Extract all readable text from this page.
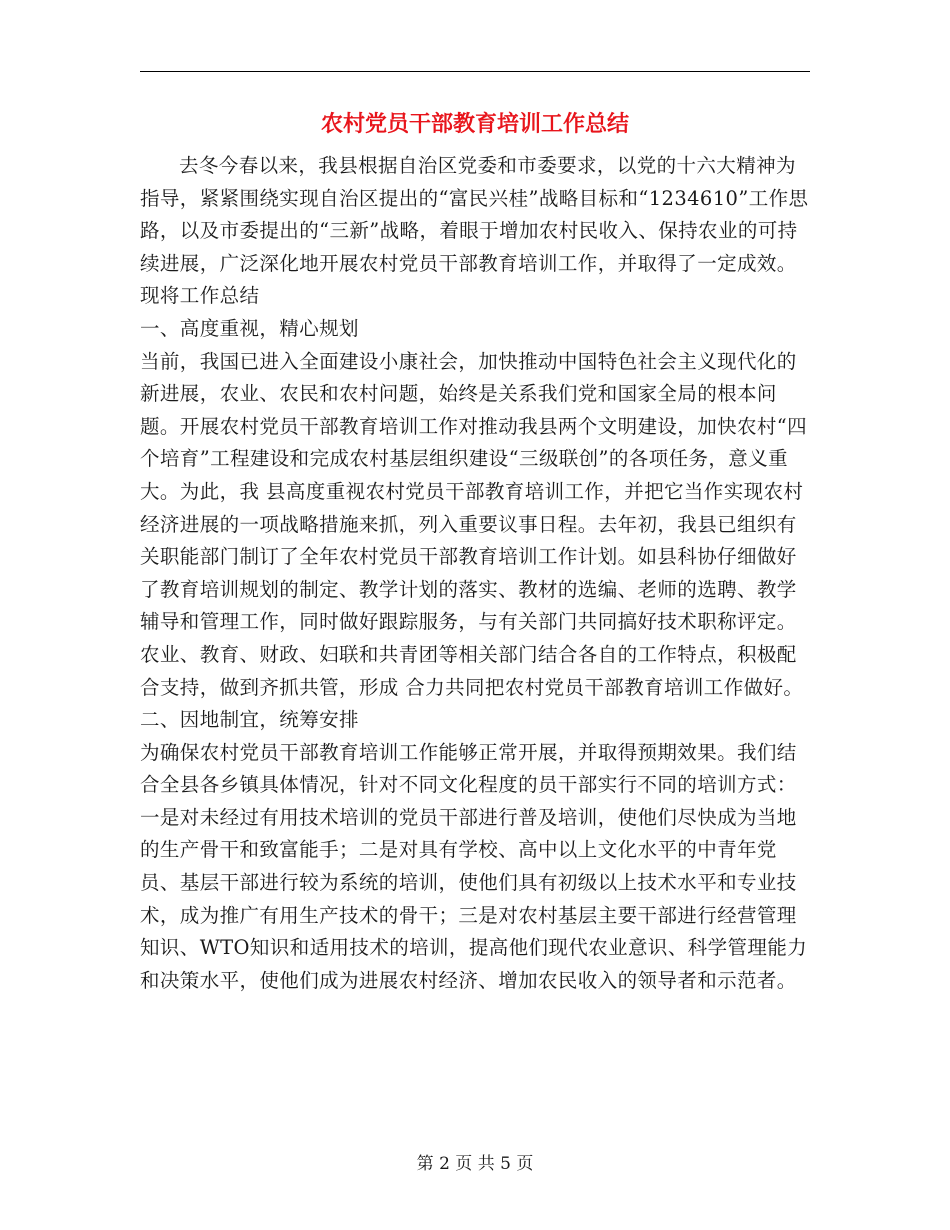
农村党员干部教育培训工作总结

去冬今春以来，我县根据自治区党委和市委要求，以党的十六大精神为指导，紧紧围绕实现自治区提出的“富民兴桂”战略目标和“1234610”工作思路，以及市委提出的“三新”战略，着眼于增加农村民收入、保持农业的可持续进展，广泛深化地开展农村党员干部教育培训工作，并取得了一定成效。现将工作总结

一、高度重视，精心规划

当前，我国已进入全面建设小康社会，加快推动中国特色社会主义现代化的新进展，农业、农民和农村问题，始终是关系我们党和国家全局的根本问题。开展农村党员干部教育培训工作对推动我县两个文明建设，加快农村“四个培育”工程建设和完成农村基层组织建设“三级联创”的各项任务，意义重大。为此，我 县高度重视农村党员干部教育培训工作，并把它当作实现农村经济进展的一项战略措施来抓，列入重要议事日程。去年初，我县已组织有关职能部门制订了全年农村党员干部教育培训工作计划。如县科协仔细做好了教育培训规划的制定、教学计划的落实、教材的选编、老师的选聘、教学辅导和管理工作，同时做好跟踪服务，与有关部门共同搞好技术职称评定。农业、教育、财政、妇联和共青团等相关部门结合各自的工作特点，积极配合支持，做到齐抓共管，形成 合力共同把农村党员干部教育培训工作做好。

二、因地制宜，统筹安排

为确保农村党员干部教育培训工作能够正常开展，并取得预期效果。我们结合全县各乡镇具体情况，针对不同文化程度的员干部实行不同的培训方式：一是对未经过有用技术培训的党员干部进行普及培训，使他们尽快成为当地的生产骨干和致富能手；二是对具有学校、高中以上文化水平的中青年党员、基层干部进行较为系统的培训，使他们具有初级以上技术水平和专业技术，成为推广有用生产技术的骨干；三是对农村基层主要干部进行经营管理知识、WTO知识和适用技术的培训，提高他们现代农业意识、科学管理能力和决策水平，使他们成为进展农村经济、增加农民收入的领导者和示范者。

第 2 页 共 5 页
